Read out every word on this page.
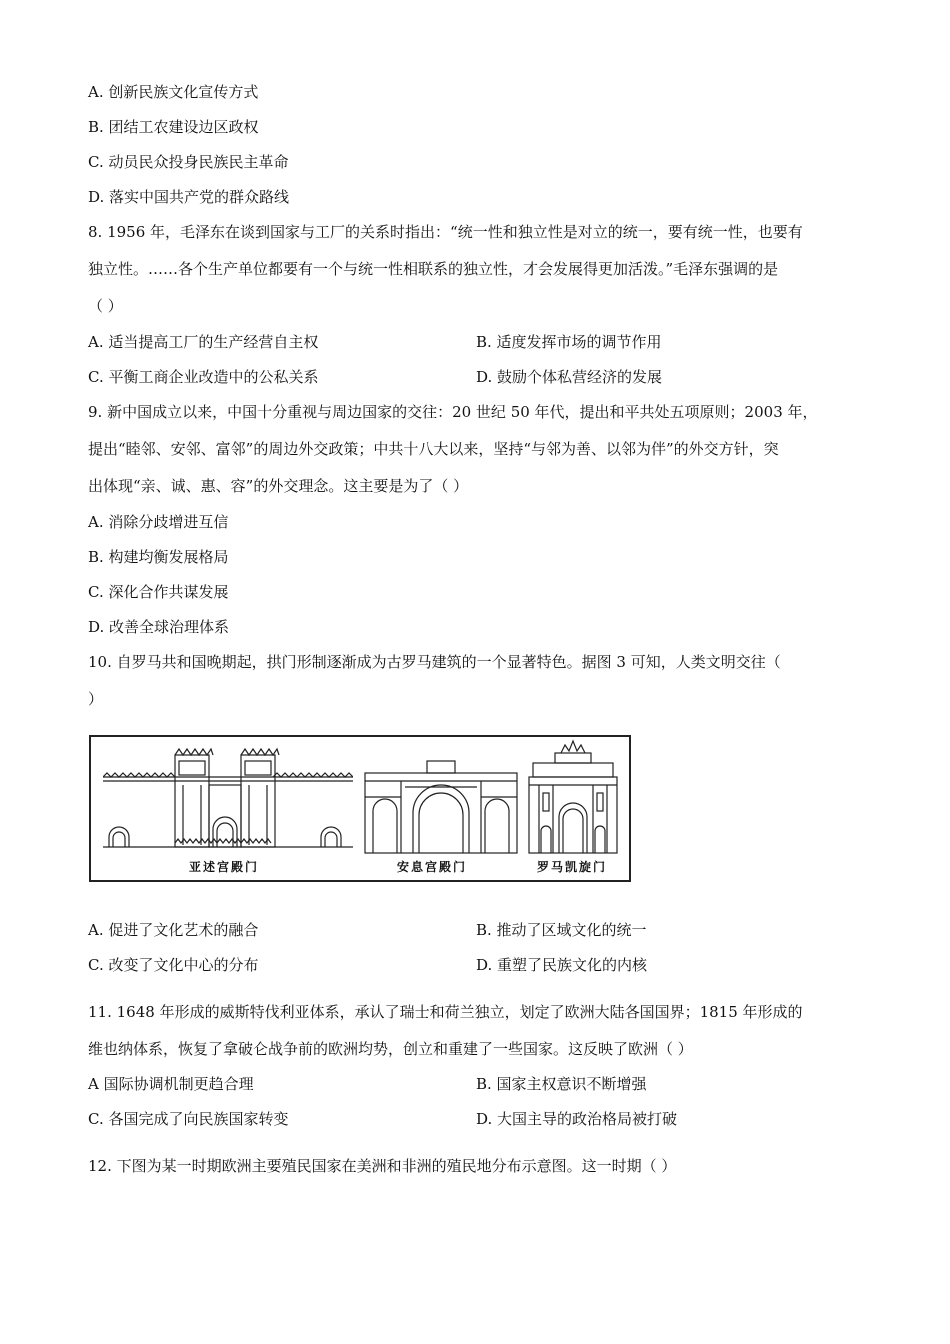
A. 创新民族文化宣传方式
B. 团结工农建设边区政权
C. 动员民众投身民族民主革命
D. 落实中国共产党的群众路线
8. 1956 年，毛泽东在谈到国家与工厂的关系时指出：“统一性和独立性是对立的统一，要有统一性，也要有
独立性。……各个生产单位都要有一个与统一性相联系的独立性，才会发展得更加活泼。”毛泽东强调的是
（ ）
A. 适当提高工厂的生产经营自主权	B. 适度发挥市场的调节作用
C. 平衡工商企业改造中的公私关系	D. 鼓励个体私营经济的发展
9. 新中国成立以来，中国十分重视与周边国家的交往：20 世纪 50 年代，提出和平共处五项原则；2003 年，
提出“睦邻、安邻、富邻”的周边外交政策；中共十八大以来，坚持“与邻为善、以邻为伴”的外交方针，突
出体现“亲、诚、惠、容”的外交理念。这主要是为了（ ）
A. 消除分歧增进互信
B. 构建均衡发展格局
C. 深化合作共谋发展
D. 改善全球治理体系
10. 自罗马共和国晚期起，拱门形制逐渐成为古罗马建筑的一个显著特色。据图 3 可知，人类文明交往（
）
亚述宫殿门	安息宫殿门	罗马凯旋门
A. 促进了文化艺术的融合	B. 推动了区域文化的统一
C. 改变了文化中心的分布	D. 重塑了民族文化的内核
11. 1648 年形成的威斯特伐利亚体系，承认了瑞士和荷兰独立，划定了欧洲大陆各国国界；1815 年形成的
维也纳体系，恢复了拿破仑战争前的欧洲均势，创立和重建了一些国家。这反映了欧洲（ ）
A 国际协调机制更趋合理	B. 国家主权意识不断增强
C. 各国完成了向民族国家转变	D. 大国主导的政治格局被打破
12. 下图为某一时期欧洲主要殖民国家在美洲和非洲的殖民地分布示意图。这一时期（ ）
